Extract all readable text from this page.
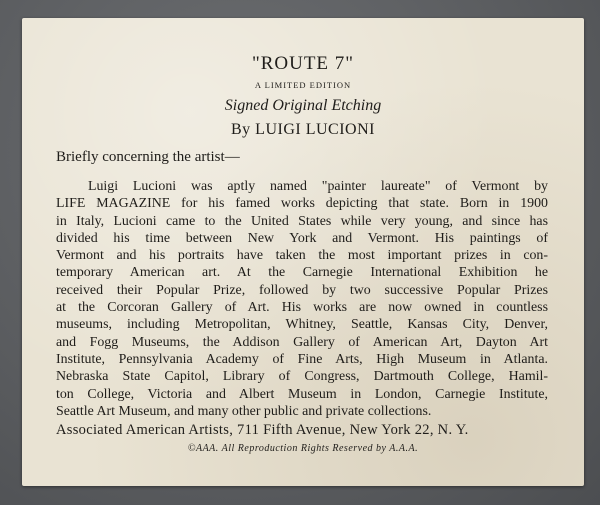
"ROUTE 7"
A LIMITED EDITION
Signed Original Etching
By LUIGI LUCIONI
Briefly concerning the artist—
Luigi Lucioni was aptly named "painter laureate" of Vermont by
LIFE MAGAZINE for his famed works depicting that state. Born in 1900
in Italy, Lucioni came to the United States while very young, and since has
divided his time between New York and Vermont. His paintings of
Vermont and his portraits have taken the most important prizes in con-
temporary American art. At the Carnegie International Exhibition he
received their Popular Prize, followed by two successive Popular Prizes
at the Corcoran Gallery of Art. His works are now owned in countless
museums, including Metropolitan, Whitney, Seattle, Kansas City, Denver,
and Fogg Museums, the Addison Gallery of American Art, Dayton Art
Institute, Pennsylvania Academy of Fine Arts, High Museum in Atlanta.
Nebraska State Capitol, Library of Congress, Dartmouth College, Hamil-
ton College, Victoria and Albert Museum in London, Carnegie Institute,
Seattle Art Museum, and many other public and private collections.
Associated American Artists, 711 Fifth Avenue, New York 22, N. Y.
©AAA. All Reproduction Rights Reserved by A.A.A.
